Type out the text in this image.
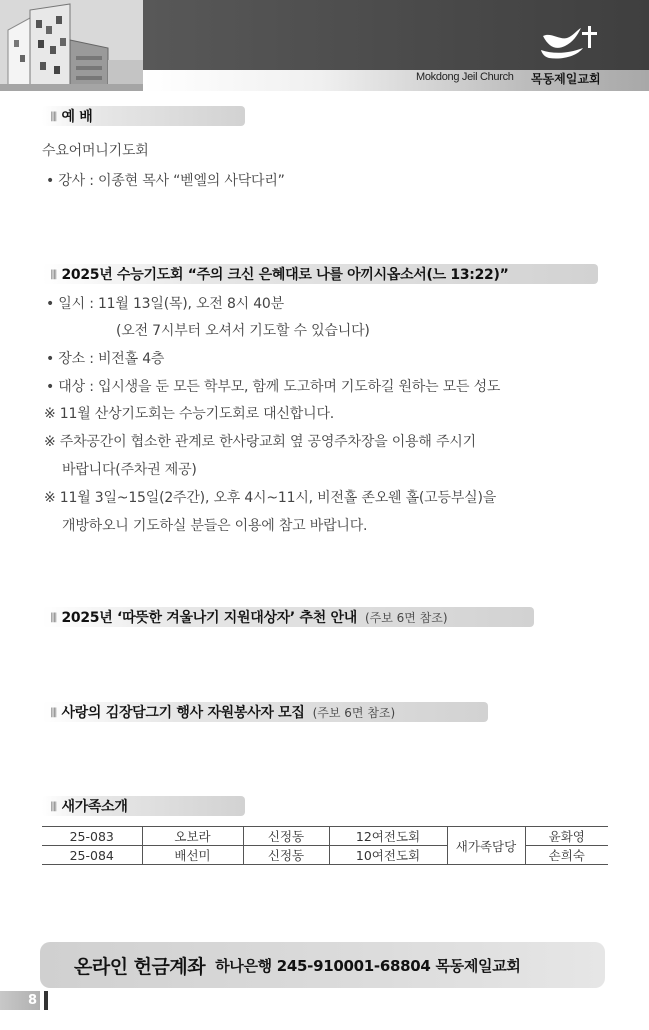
Mokdong Jeil Church 목동제일교회
|||| 예 배
수요어머니기도회
• 강사 : 이종현 목사 “벧엘의 사닥다리”
|||| 2025년 수능기도회 “주의 크신 은혜대로 나를 아끼시옵소서(느 13:22)”
• 일시 : 11월 13일(목), 오전 8시 40분
(오전 7시부터 오셔서 기도할 수 있습니다)
• 장소 : 비전홀 4층
• 대상 : 입시생을 둔 모든 학부모, 함께 도고하며 기도하길 원하는 모든 성도
※ 11월 산상기도회는 수능기도회로 대신합니다.
※ 주차공간이 협소한 관계로 한사랑교회 옆 공영주차장을 이용해 주시기
바랍니다(주차권 제공)
※ 11월 3일~15일(2주간), 오후 4시~11시, 비전홀 존오웬 홀(고등부실)을
개방하오니 기도하실 분들은 이용에 참고 바랍니다.
|||| 2025년 ‘따뜻한 겨울나기 지원대상자’ 추천 안내 (주보 6면 참조)
|||| 사랑의 김장담그기 행사 자원봉사자 모집 (주보 6면 참조)
|||| 새가족소개
25-083	오보라	신정동	12여전도회	새가족담당	윤화영
25-084	배선미	신정동	10여전도회		손희숙
온라인 헌금계좌 하나은행 245-910001-68804 목동제일교회
8
